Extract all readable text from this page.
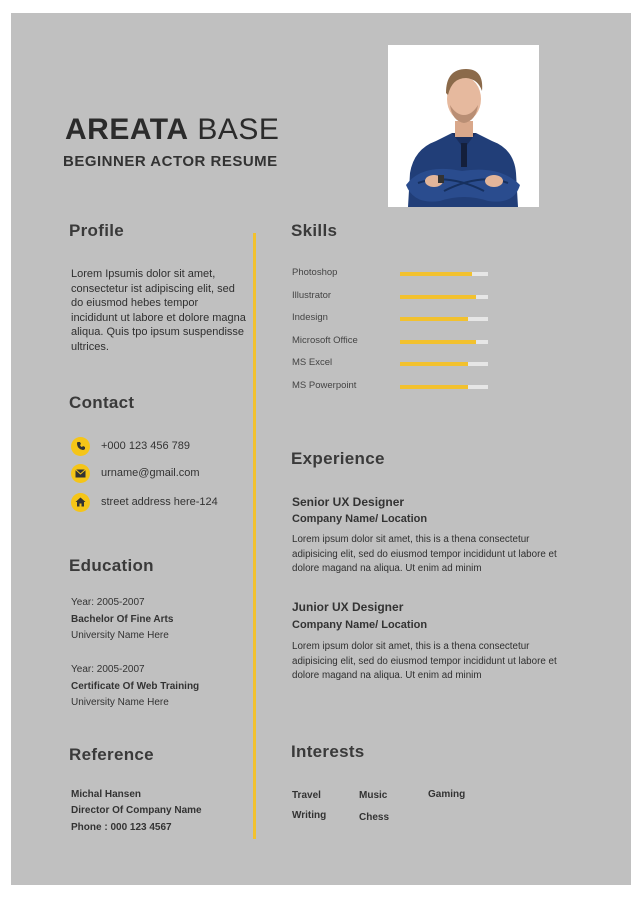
AREATA BASE
BEGINNER ACTOR RESUME
Profile
Lorem Ipsumis dolor sit amet, consectetur ist adipiscing elit, sed do eiusmod hebes tempor incididunt ut labore et dolore magna aliqua. Quis tpo ipsum suspendisse ultrices.
Contact
+000 123 456 789
urname@gmail.com
street address here-124
Education
Year: 2005-2007
Bachelor Of Fine Arts
University Name Here
Year: 2005-2007
Certificate Of Web Training
University Name Here
Reference
Michal Hansen
Director Of Company Name
Phone : 000 123 4567
Skills
Photoshop
Illustrator
Indesign
Microsoft Office
MS Excel
MS Powerpoint
Experience
Senior UX Designer
Company Name/ Location
Lorem ipsum dolor sit amet, this is a thena consectetur adipisicing elit, sed do eiusmod tempor incididunt ut labore et dolore magand na aliqua. Ut enim ad minim
Junior UX Designer
Company Name/ Location
Lorem ipsum dolor sit amet, this is a thena consectetur adipisicing elit, sed do eiusmod tempor incididunt ut labore et dolore magand na aliqua. Ut enim ad minim
Interests
Travel	Music	Gaming
Writing	Chess
